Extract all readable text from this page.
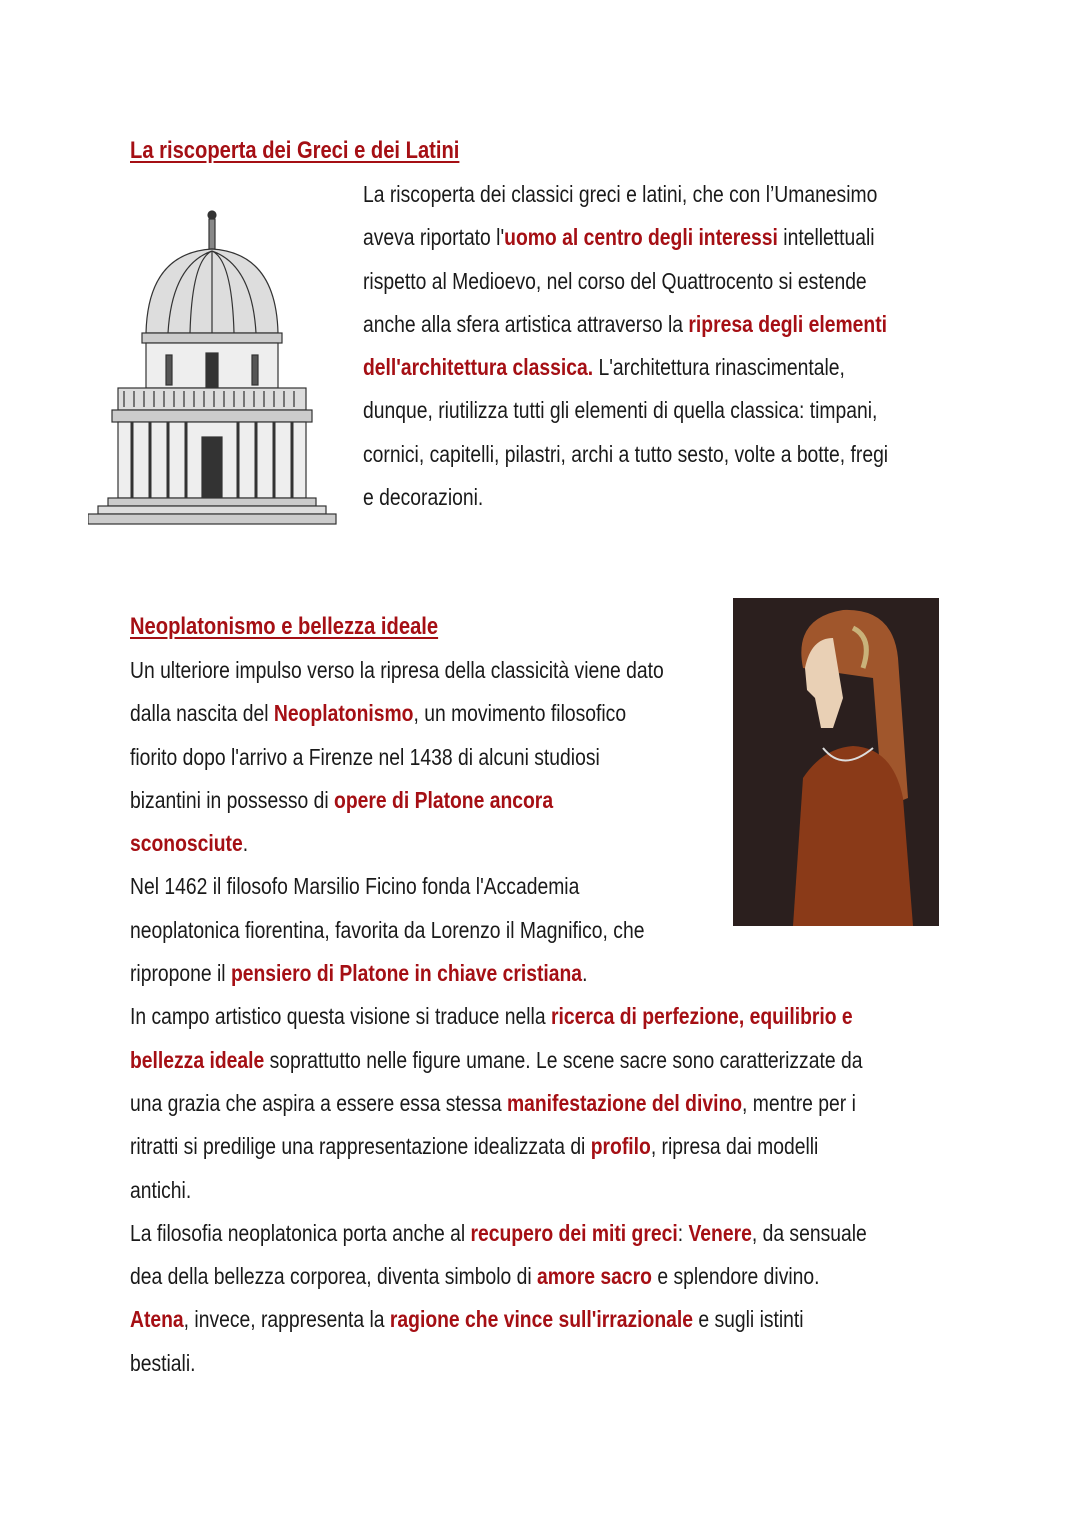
La riscoperta dei Greci e dei Latini
La riscoperta dei classici greci e latini, che con l’Umanesimo
aveva riportato l'uomo al centro degli interessi intellettuali
rispetto al Medioevo, nel corso del Quattrocento si estende
anche alla sfera artistica attraverso la ripresa degli elementi
dell'architettura classica. L'architettura rinascimentale,
dunque, riutilizza tutti gli elementi di quella classica: timpani,
cornici, capitelli, pilastri, archi a tutto sesto, volte a botte, fregi
e decorazioni.
Neoplatonismo e bellezza ideale
Un ulteriore impulso verso la ripresa della classicità viene dato
dalla nascita del Neoplatonismo, un movimento filosofico
fiorito dopo l'arrivo a Firenze nel 1438 di alcuni studiosi
bizantini in possesso di opere di Platone ancora
sconosciute.
Nel 1462 il filosofo Marsilio Ficino fonda l'Accademia
neoplatonica fiorentina, favorita da Lorenzo il Magnifico, che
ripropone il pensiero di Platone in chiave cristiana.
In campo artistico questa visione si traduce nella ricerca di perfezione, equilibrio e
bellezza ideale soprattutto nelle figure umane. Le scene sacre sono caratterizzate da
una grazia che aspira a essere essa stessa manifestazione del divino, mentre per i
ritratti si predilige una rappresentazione idealizzata di profilo, ripresa dai modelli
antichi.
La filosofia neoplatonica porta anche al recupero dei miti greci: Venere, da sensuale
dea della bellezza corporea, diventa simbolo di amore sacro e splendore divino.
Atena, invece, rappresenta la ragione che vince sull'irrazionale e sugli istinti
bestiali.
